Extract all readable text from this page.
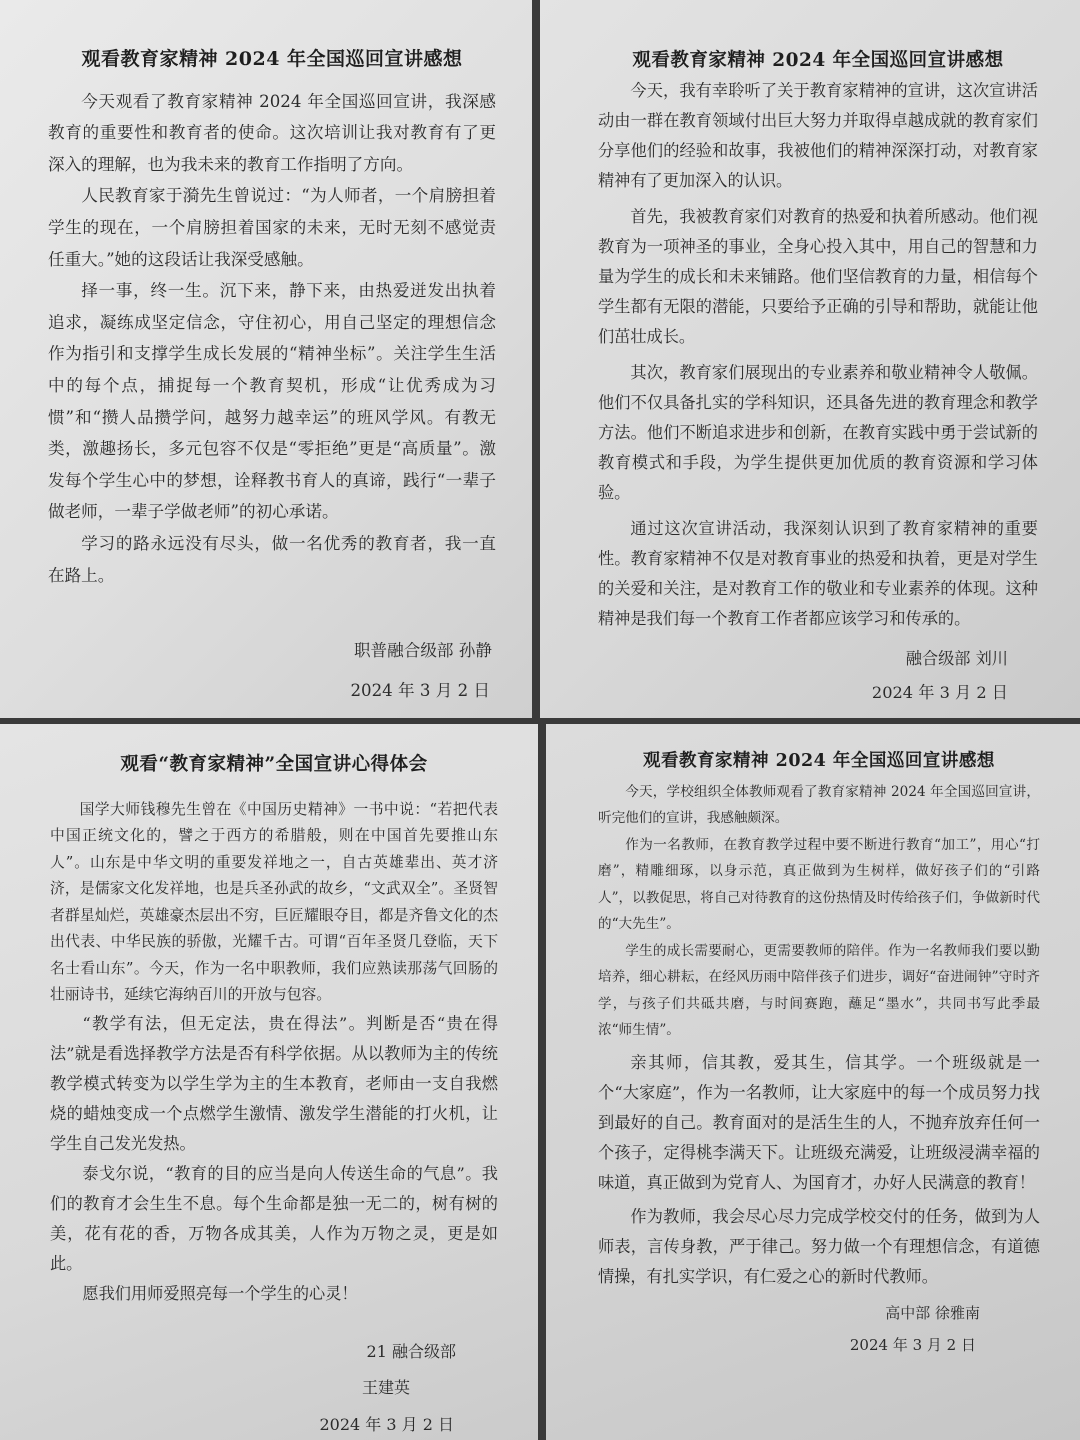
观看教育家精神 2024 年全国巡回宣讲感想

今天观看了教育家精神 2024 年全国巡回宣讲，我深感教育的重要性和教育者的使命。这次培训让我对教育有了更深入的理解，也为我未来的教育工作指明了方向。

人民教育家于漪先生曾说过：“为人师者，一个肩膀担着学生的现在，一个肩膀担着国家的未来，无时无刻不感觉责任重大。”她的这段话让我深受感触。

择一事，终一生。沉下来，静下来，由热爱迸发出执着追求，凝练成坚定信念，守住初心，用自己坚定的理想信念作为指引和支撑学生成长发展的“精神坐标”。关注学生生活中的每个点，捕捉每一个教育契机，形成“让优秀成为习惯”和“攒人品攒学问，越努力越幸运”的班风学风。有教无类，激趣扬长，多元包容不仅是“零拒绝”更是“高质量”。激发每个学生心中的梦想，诠释教书育人的真谛，践行“一辈子做老师，一辈子学做老师”的初心承诺。

学习的路永远没有尽头，做一名优秀的教育者，我一直在路上。

职普融合级部 孙静
2024 年 3 月 2 日
观看教育家精神 2024 年全国巡回宣讲感想

今天，我有幸聆听了关于教育家精神的宣讲，这次宣讲活动由一群在教育领域付出巨大努力并取得卓越成就的教育家们分享他们的经验和故事，我被他们的精神深深打动，对教育家精神有了更加深入的认识。

首先，我被教育家们对教育的热爱和执着所感动。他们视教育为一项神圣的事业，全身心投入其中，用自己的智慧和力量为学生的成长和未来铺路。他们坚信教育的力量，相信每个学生都有无限的潜能，只要给予正确的引导和帮助，就能让他们茁壮成长。

其次，教育家们展现出的专业素养和敬业精神令人敬佩。他们不仅具备扎实的学科知识，还具备先进的教育理念和教学方法。他们不断追求进步和创新，在教育实践中勇于尝试新的教育模式和手段，为学生提供更加优质的教育资源和学习体验。

通过这次宣讲活动，我深刻认识到了教育家精神的重要性。教育家精神不仅是对教育事业的热爱和执着，更是对学生的关爱和关注，是对教育工作的敬业和专业素养的体现。这种精神是我们每一个教育工作者都应该学习和传承的。

融合级部 刘川
2024 年 3 月 2 日
观看“教育家精神”全国宣讲心得体会

国学大师钱穆先生曾在《中国历史精神》一书中说：“若把代表中国正统文化的，譬之于西方的希腊般，则在中国首先要推山东人”。山东是中华文明的重要发祥地之一，自古英雄辈出、英才济济，是儒家文化发祥地，也是兵圣孙武的故乡，“文武双全”。圣贤智者群星灿烂，英雄豪杰层出不穷，巨匠耀眼夺目，都是齐鲁文化的杰出代表、中华民族的骄傲，光耀千古。可谓“百年圣贤几登临，天下名士看山东”。今天，作为一名中职教师，我们应熟读那荡气回肠的壮丽诗书，延续它海纳百川的开放与包容。

“教学有法，但无定法，贵在得法”。判断是否“贵在得法”就是看选择教学方法是否有科学依据。从以教师为主的传统教学模式转变为以学生学为主的生本教育，老师由一支自我燃烧的蜡烛变成一个点燃学生激情、激发学生潜能的打火机，让学生自己发光发热。

泰戈尔说，“教育的目的应当是向人传送生命的气息”。我们的教育才会生生不息。每个生命都是独一无二的，树有树的美，花有花的香，万物各成其美，人作为万物之灵，更是如此。

愿我们用师爱照亮每一个学生的心灵！

21 融合级部
王建英
2024 年 3 月 2 日
观看教育家精神 2024 年全国巡回宣讲感想

今天，学校组织全体教师观看了教育家精神 2024 年全国巡回宣讲，听完他们的宣讲，我感触颇深。

作为一名教师，在教育教学过程中要不断进行教育“加工”，用心“打磨”，精雕细琢，以身示范，真正做到为生树样，做好孩子们的“引路人”，以教促思，将自己对待教育的这份热情及时传给孩子们，争做新时代的“大先生”。

学生的成长需要耐心，更需要教师的陪伴。作为一名教师我们要以勤培养，细心耕耘，在经风历雨中陪伴孩子们进步，调好“奋进闹钟”守时齐学，与孩子们共砥共磨，与时间赛跑，蘸足“墨水”，共同书写此季最浓“师生情”。

亲其师，信其教，爱其生，信其学。一个班级就是一个“大家庭”，作为一名教师，让大家庭中的每一个成员努力找到最好的自己。教育面对的是活生生的人，不抛弃放弃任何一个孩子，定得桃李满天下。让班级充满爱，让班级浸满幸福的味道，真正做到为党育人、为国育才，办好人民满意的教育！

作为教师，我会尽心尽力完成学校交付的任务，做到为人师表，言传身教，严于律己。努力做一个有理想信念，有道德情操，有扎实学识，有仁爱之心的新时代教师。

高中部 徐雅南
2024 年 3 月 2 日
